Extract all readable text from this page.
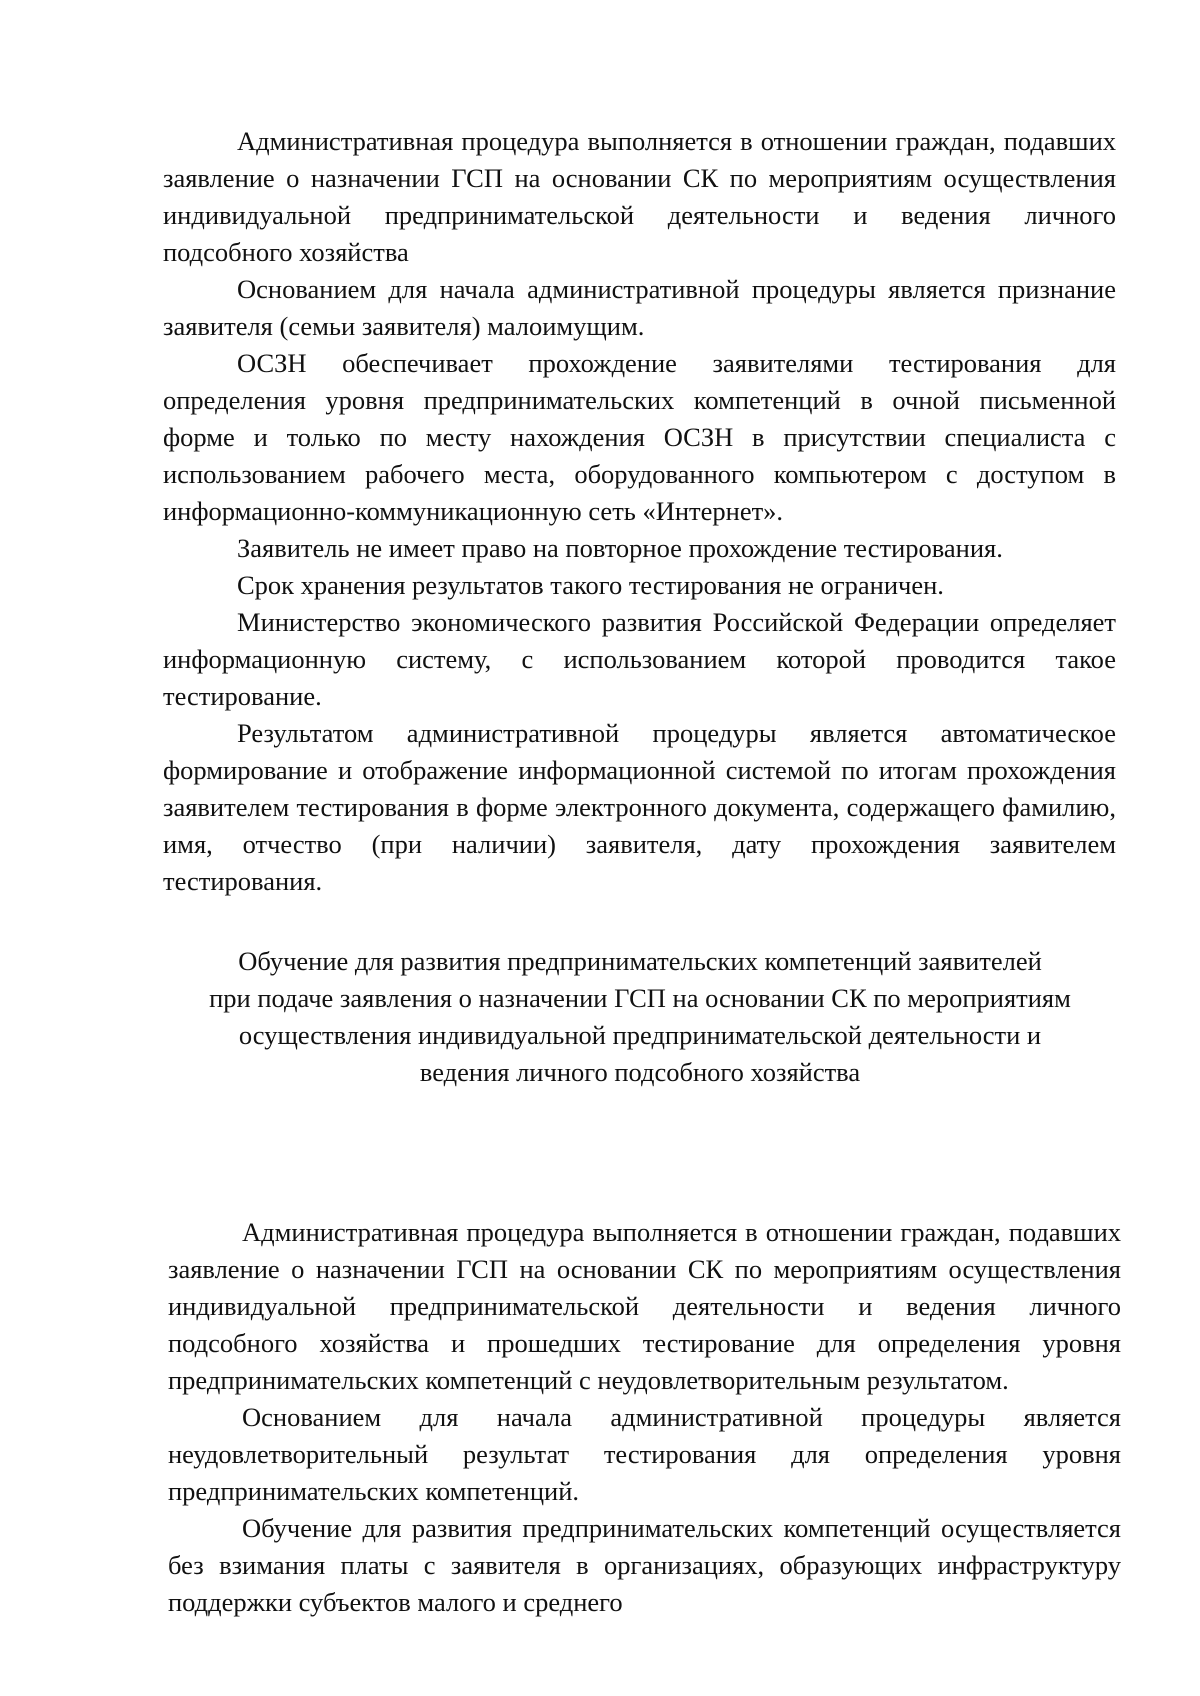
Административная процедура выполняется в отношении граждан, подавших заявление о назначении ГСП на основании СК по мероприятиям осуществления индивидуальной предпринимательской деятельности и ведения личного подсобного хозяйства

Основанием для начала административной процедуры является признание заявителя (семьи заявителя) малоимущим.

ОСЗН обеспечивает прохождение заявителями тестирования для определения уровня предпринимательских компетенций в очной письменной форме и только по месту нахождения ОСЗН в присутствии специалиста с использованием рабочего места, оборудованного компьютером с доступом в информационно-коммуникационную сеть «Интернет».

Заявитель не имеет право на повторное прохождение тестирования.

Срок хранения результатов такого тестирования не ограничен.

Министерство экономического развития Российской Федерации определяет информационную систему, с использованием которой проводится такое тестирование.

Результатом административной процедуры является автоматическое формирование и отображение информационной системой по итогам прохождения заявителем тестирования в форме электронного документа, содержащего фамилию, имя, отчество (при наличии) заявителя, дату прохождения заявителем тестирования.

Обучение для развития предпринимательских компетенций заявителей
при подаче заявления о назначении ГСП на основании СК по мероприятиям
осуществления индивидуальной предпринимательской деятельности и
ведения личного подсобного хозяйства

Административная процедура выполняется в отношении граждан, подавших заявление о назначении ГСП на основании СК по мероприятиям осуществления индивидуальной предпринимательской деятельности и ведения личного подсобного хозяйства и прошедших тестирование для определения уровня предпринимательских компетенций с неудовлетворительным результатом.

Основанием для начала административной процедуры является неудовлетворительный результат тестирования для определения уровня предпринимательских компетенций.

Обучение для развития предпринимательских компетенций осуществляется без взимания платы с заявителя в организациях, образующих инфраструктуру поддержки субъектов малого и среднего
